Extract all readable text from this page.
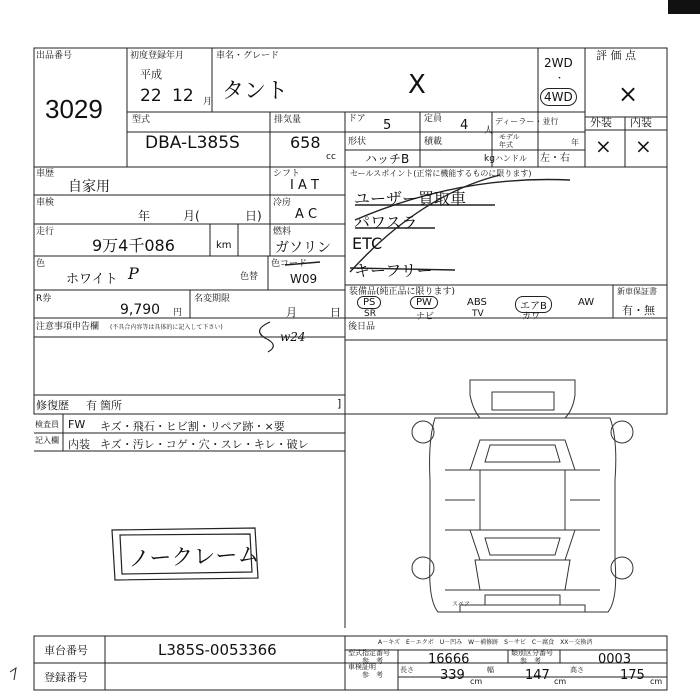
出品番号
3029
初度登録年月
平成
22 12 月
車名・グレード
タント	X
2WD
・
4WD
評 価 点
×
型式
DBA-L385S
排気量
658
cc
ドア 5	定員 4 人
形状
ハッチB
積載
kg
ディーラー・並行
モデル
年式	年
ハンドル 左・右
外装 内装
× ×
車歴
自家用
車検
年	月(	日)
シフト
I A T
冷房
A C
走行
9万4千086	km
燃料
ガソリン
色
ホワイト P	色替
色コード
W09
R券
9,790 円
名変期限
月	日
セールスポイント(正常に機能するものに限ります)
ユーザー買取車
パワスラ
ETC
キーフリー
装備品(純正品に限ります)
PS
SR
PW
ナビ
ABS
TV
エアB
カワ
AW
新車保証書
有・無
注意事項申告欄 (不具合内容等は具体的に記入して下さい)
w24
修復歴 有 箇所	]
後日品
検査員
記入欄
FW キズ・飛石・ヒビ割・リペア跡・×要
内装 キズ・汚レ・コゲ・穴・スレ・キレ・破レ
ノークレーム
スペア
A－キズ　E－エクボ　U－凹み　W－補修跡　S－サビ　C－腐食　XX－交換済
車台番号	L385S-0053366
登録番号
型式指定番号
参　考	16666	類別区分番号
参　考	0003
車検証明
参　考
長さ 339 cm
幅 147 cm
高さ	175 cm
